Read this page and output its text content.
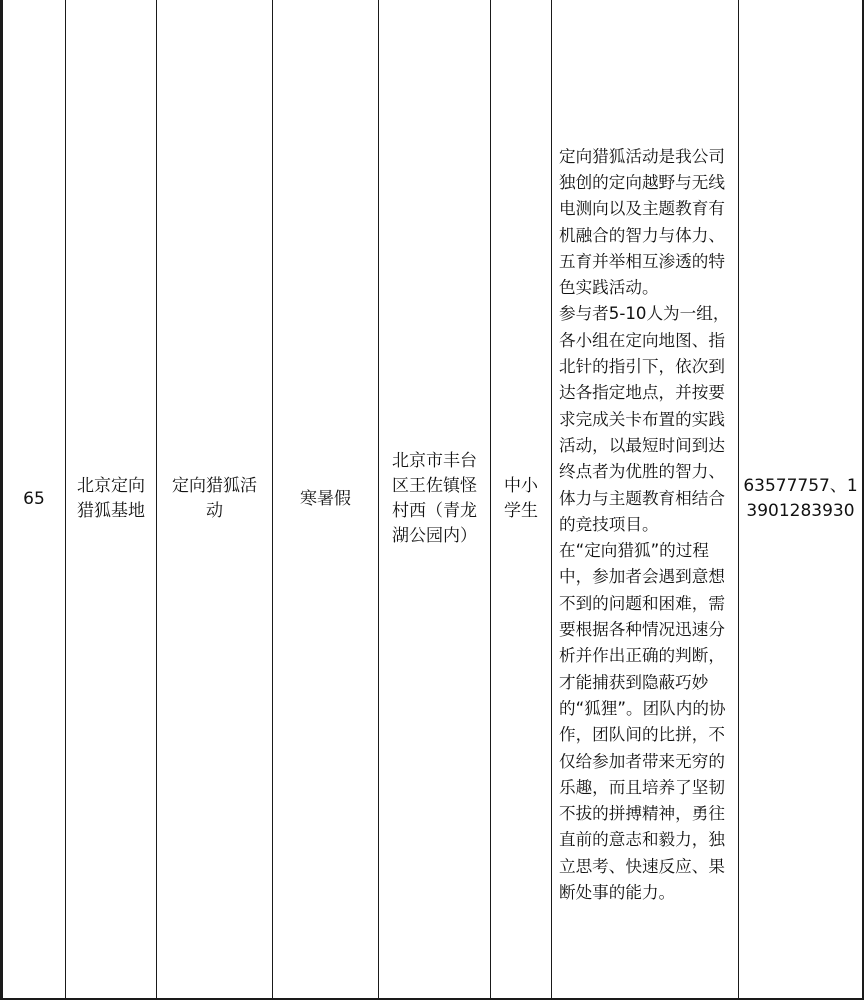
65

北京定向猎狐基地

定向猎狐活动

寒暑假

北京市丰台区王佐镇怪村西（青龙湖公园内）

中小学生

定向猎狐活动是我公司独创的定向越野与无线电测向以及主题教育有机融合的智力与体力、五育并举相互渗透的特色实践活动。
参与者5-10人为一组，各小组在定向地图、指北针的指引下，依次到达各指定地点，并按要求完成关卡布置的实践活动，以最短时间到达终点者为优胜的智力、体力与主题教育相结合的竞技项目。
在“定向猎狐”的过程中，参加者会遇到意想不到的问题和困难，需要根据各种情况迅速分析并作出正确的判断，才能捕获到隐蔽巧妙的“狐狸”。团队内的协作，团队间的比拼，不仅给参加者带来无穷的乐趣，而且培养了坚韧不拔的拼搏精神，勇往直前的意志和毅力，独立思考、快速反应、果断处事的能力。

63577757、13901283930
